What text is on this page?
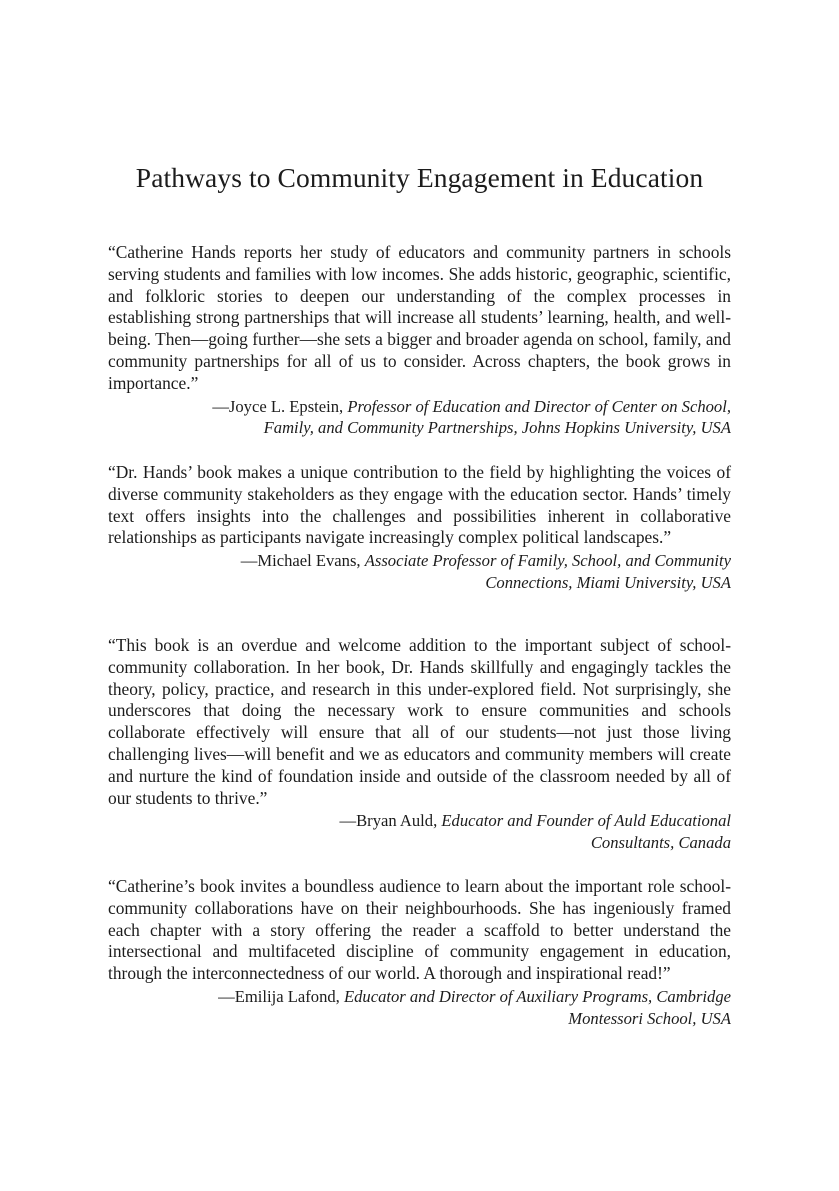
Pathways to Community Engagement in Education

“Catherine Hands reports her study of educators and community partners in schools serving students and families with low incomes. She adds historic, geographic, scientific, and folkloric stories to deepen our understanding of the complex processes in establishing strong partnerships that will increase all students’ learning, health, and well-being. Then—going further—she sets a bigger and broader agenda on school, family, and community partnerships for all of us to consider. Across chapters, the book grows in importance.”

—Joyce L. Epstein, Professor of Education and Director of Center on School,
Family, and Community Partnerships, Johns Hopkins University, USA

“Dr. Hands’ book makes a unique contribution to the field by highlighting the voices of diverse community stakeholders as they engage with the education sector. Hands’ timely text offers insights into the challenges and possibilities inherent in collaborative relationships as participants navigate increasingly complex political landscapes.”

—Michael Evans, Associate Professor of Family, School, and Community
Connections, Miami University, USA

“This book is an overdue and welcome addition to the important subject of school-community collaboration. In her book, Dr. Hands skillfully and engagingly tackles the theory, policy, practice, and research in this under-explored field. Not surprisingly, she underscores that doing the necessary work to ensure communities and schools collaborate effectively will ensure that all of our students—not just those living challenging lives—will benefit and we as educators and community members will create and nurture the kind of foundation inside and outside of the classroom needed by all of our students to thrive.”

—Bryan Auld, Educator and Founder of Auld Educational
Consultants, Canada

“Catherine’s book invites a boundless audience to learn about the important role school-community collaborations have on their neighbourhoods. She has ingeniously framed each chapter with a story offering the reader a scaffold to better understand the intersectional and multifaceted discipline of community engagement in education, through the interconnectedness of our world. A thorough and inspirational read!”

—Emilija Lafond, Educator and Director of Auxiliary Programs, Cambridge
Montessori School, USA
